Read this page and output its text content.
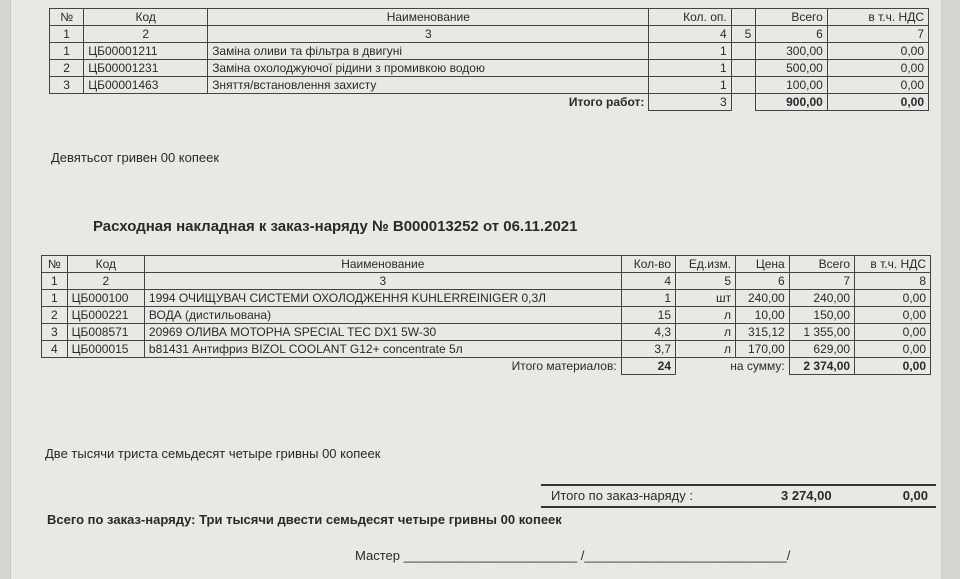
№	Код	Наименование	Кол. оп.		Всего	в т.ч. НДС
1	2	3	4	5	6	7
1	ЦБ00001211	Заміна оливи та фільтра в двигуні	1		300,00	0,00
2	ЦБ00001231	Заміна охолоджуючої рідини з промивкою водою	1		500,00	0,00
3	ЦБ00001463	Зняття/встановлення захисту	1		100,00	0,00
Итого работ:			3		900,00	0,00
Девятьсот гривен 00 копеек
Расходная накладная к заказ-наряду № В000013252 от 06.11.2021
№	Код	Наименование	Кол-во	Ед.изм.	Цена	Всего	в т.ч. НДС
1	2	3	4	5	6	7	8
1	ЦБ000100	1994 ОЧИЩУВАЧ СИСТЕМИ ОХОЛОДЖЕННЯ KUHLERREINIGER 0,3Л	1	шт	240,00	240,00	0,00
2	ЦБ000221	ВОДА (дистильована)	15	л	10,00	150,00	0,00
3	ЦБ008571	20969 ОЛИВА МОТОРНА SPECIAL TEC DX1 5W-30	4,3	л	315,12	1 355,00	0,00
4	ЦБ000015	b81431 Антифриз BIZOL COOLANT G12+ concentrate 5л	3,7	л	170,00	629,00	0,00
Итого материалов:			24	на сумму:		2 374,00	0,00
Две тысячи триста семьдесят четыре гривны 00 копеек
Итого по заказ-наряду :	3 274,00	0,00
Всего по заказ-наряду: Три тысячи двести семьдесят четыре гривны 00 копеек
Мастер ________________________ /____________________________/
